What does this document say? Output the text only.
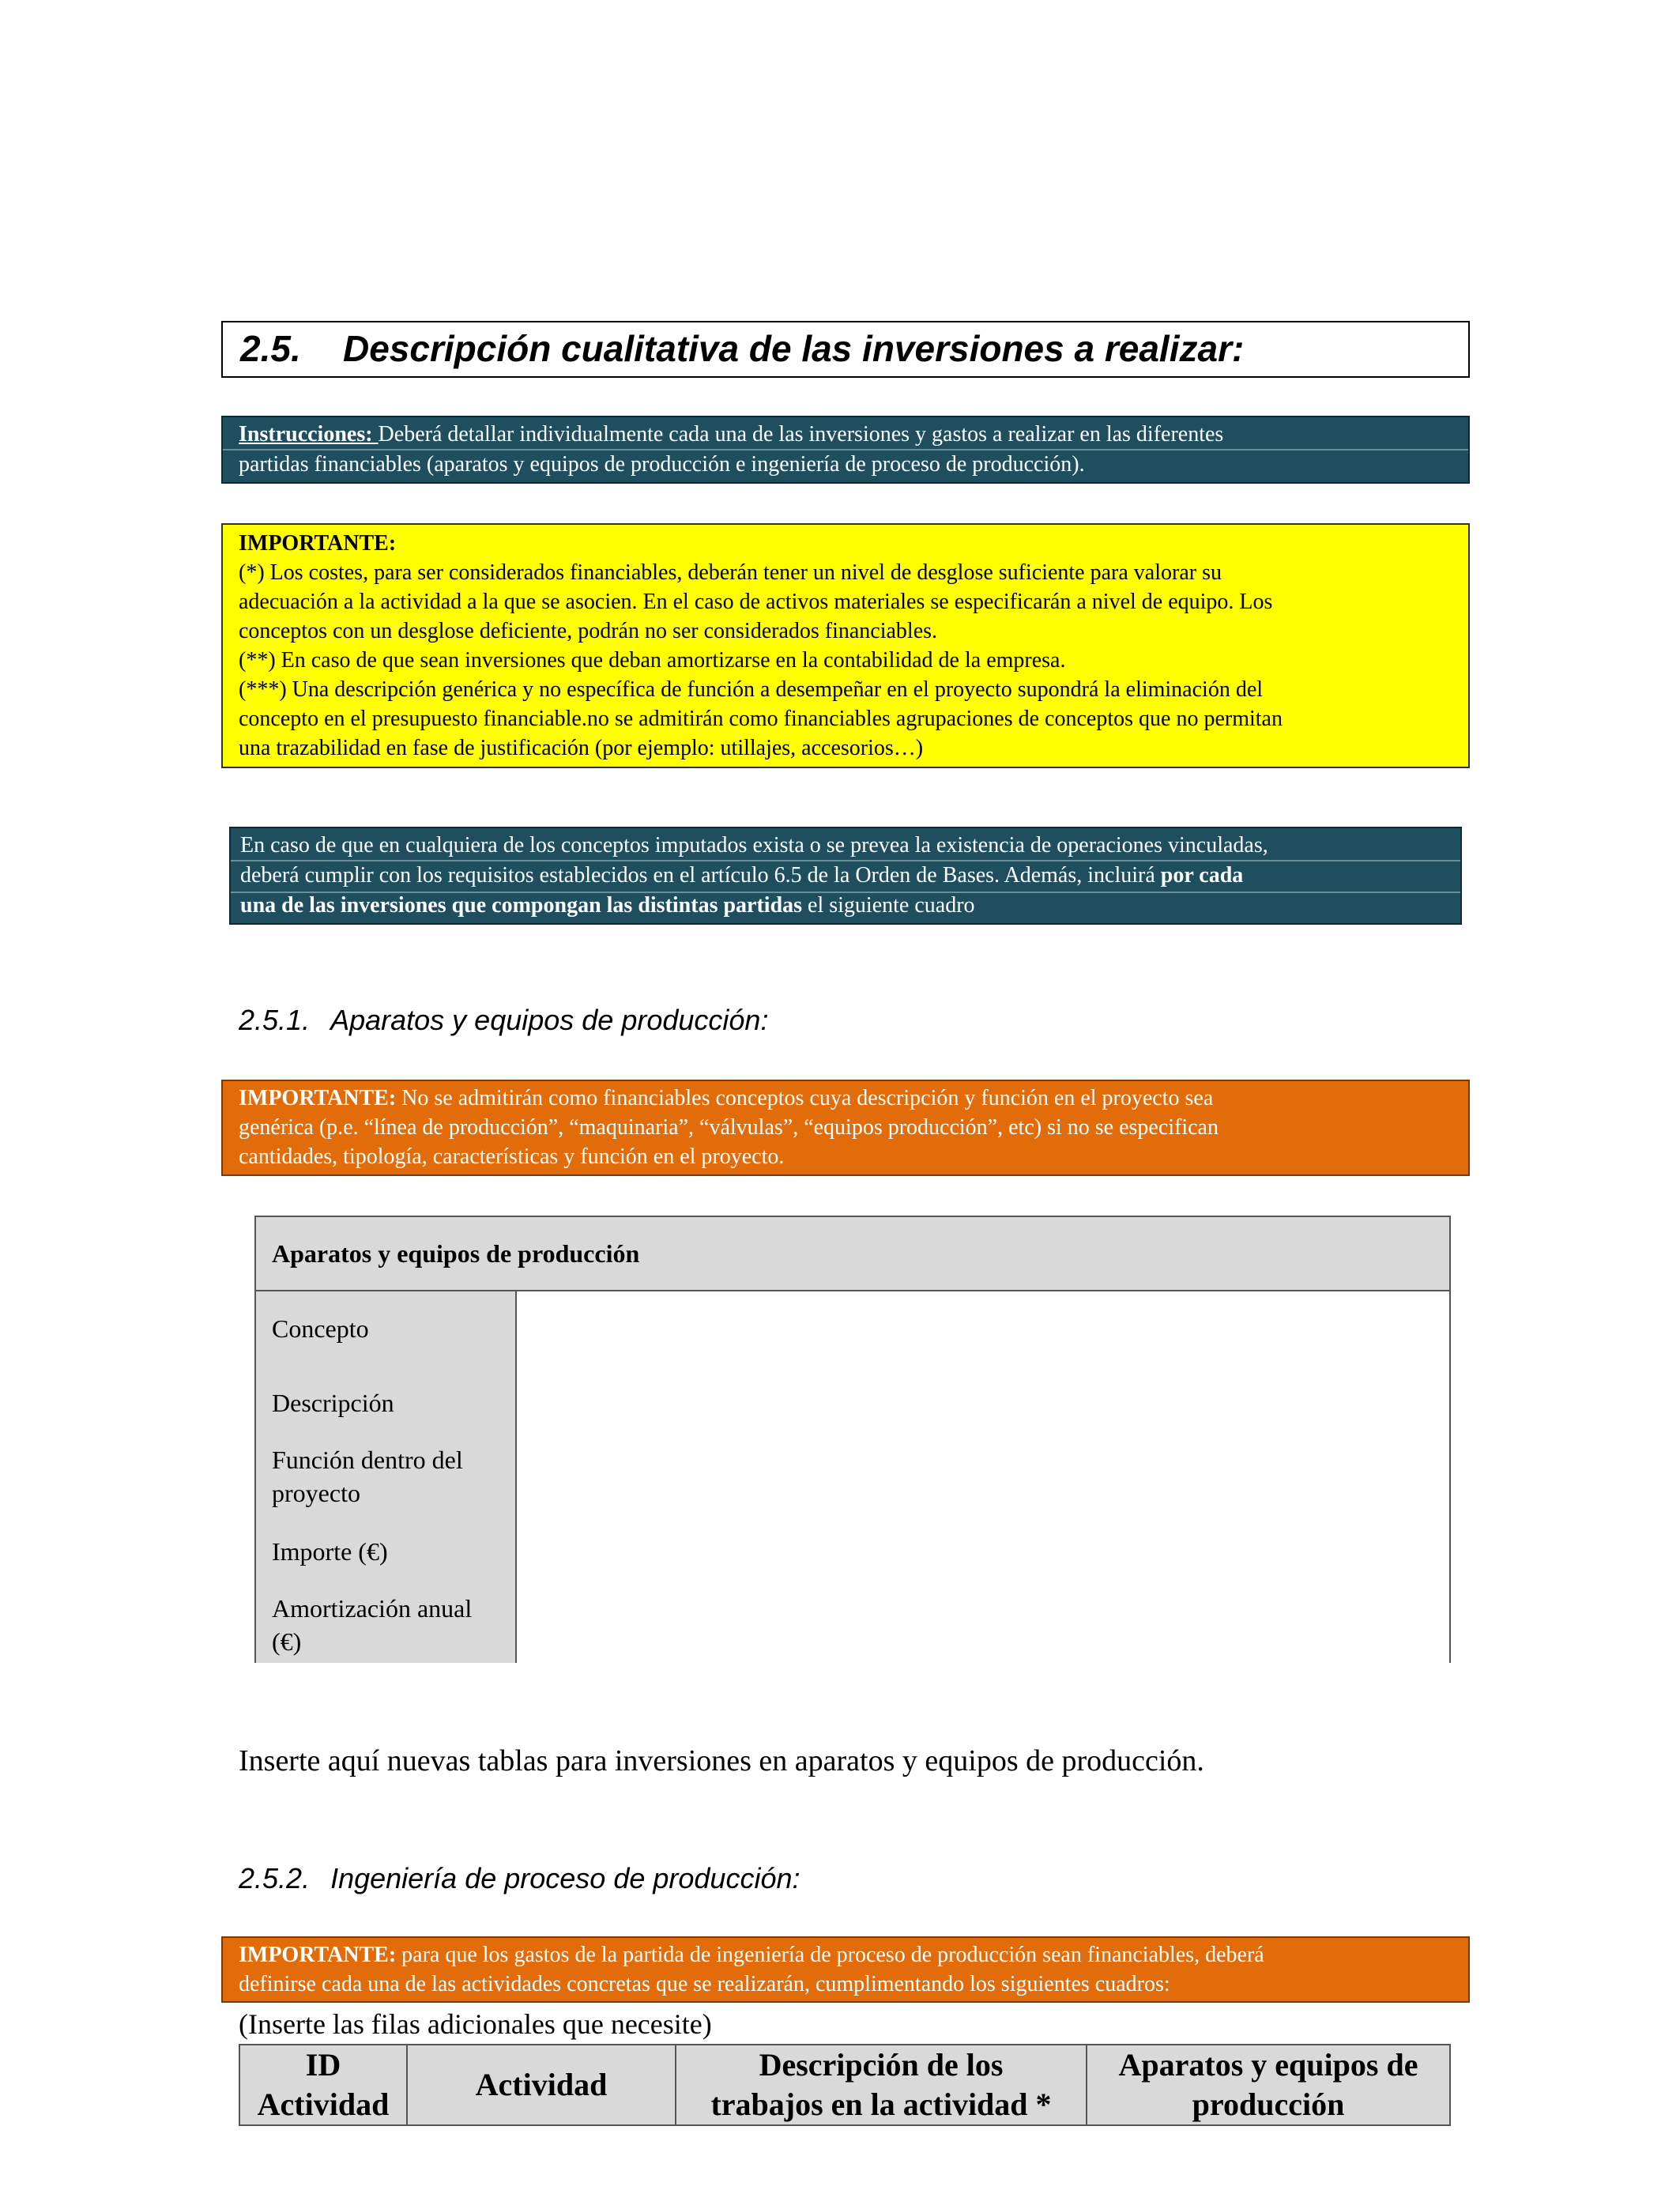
2.5. Descripción cualitativa de las inversiones a realizar:
Instrucciones: Deberá detallar individualmente cada una de las inversiones y gastos a realizar en las diferentes
partidas financiables (aparatos y equipos de producción e ingeniería de proceso de producción).
IMPORTANTE:
(*) Los costes, para ser considerados financiables, deberán tener un nivel de desglose suficiente para valorar su
adecuación a la actividad a la que se asocien. En el caso de activos materiales se especificarán a nivel de equipo. Los
conceptos con un desglose deficiente, podrán no ser considerados financiables.
(**) En caso de que sean inversiones que deban amortizarse en la contabilidad de la empresa.
(***) Una descripción genérica y no específica de función a desempeñar en el proyecto supondrá la eliminación del
concepto en el presupuesto financiable.no se admitirán como financiables agrupaciones de conceptos que no permitan
una trazabilidad en fase de justificación (por ejemplo: utillajes, accesorios…)
En caso de que en cualquiera de los conceptos imputados exista o se prevea la existencia de operaciones vinculadas,
deberá cumplir con los requisitos establecidos en el artículo 6.5 de la Orden de Bases. Además, incluirá por cada
una de las inversiones que compongan las distintas partidas el siguiente cuadro
2.5.1. Aparatos y equipos de producción:
IMPORTANTE: No se admitirán como financiables conceptos cuya descripción y función en el proyecto sea
genérica (p.e. “línea de producción”, “maquinaria”, “válvulas”, “equipos producción”, etc) si no se especifican
cantidades, tipología, características y función en el proyecto.
Aparatos y equipos de producción
Concepto
Descripción
Función dentro del
proyecto
Importe (€)
Amortización anual
(€)
Inserte aquí nuevas tablas para inversiones en aparatos y equipos de producción.
2.5.2. Ingeniería de proceso de producción:
IMPORTANTE: para que los gastos de la partida de ingeniería de proceso de producción sean financiables, deberá
definirse cada una de las actividades concretas que se realizarán, cumplimentando los siguientes cuadros:
(Inserte las filas adicionales que necesite)
ID
Actividad
Actividad
Descripción de los
trabajos en la actividad *
Aparatos y equipos de
producción
